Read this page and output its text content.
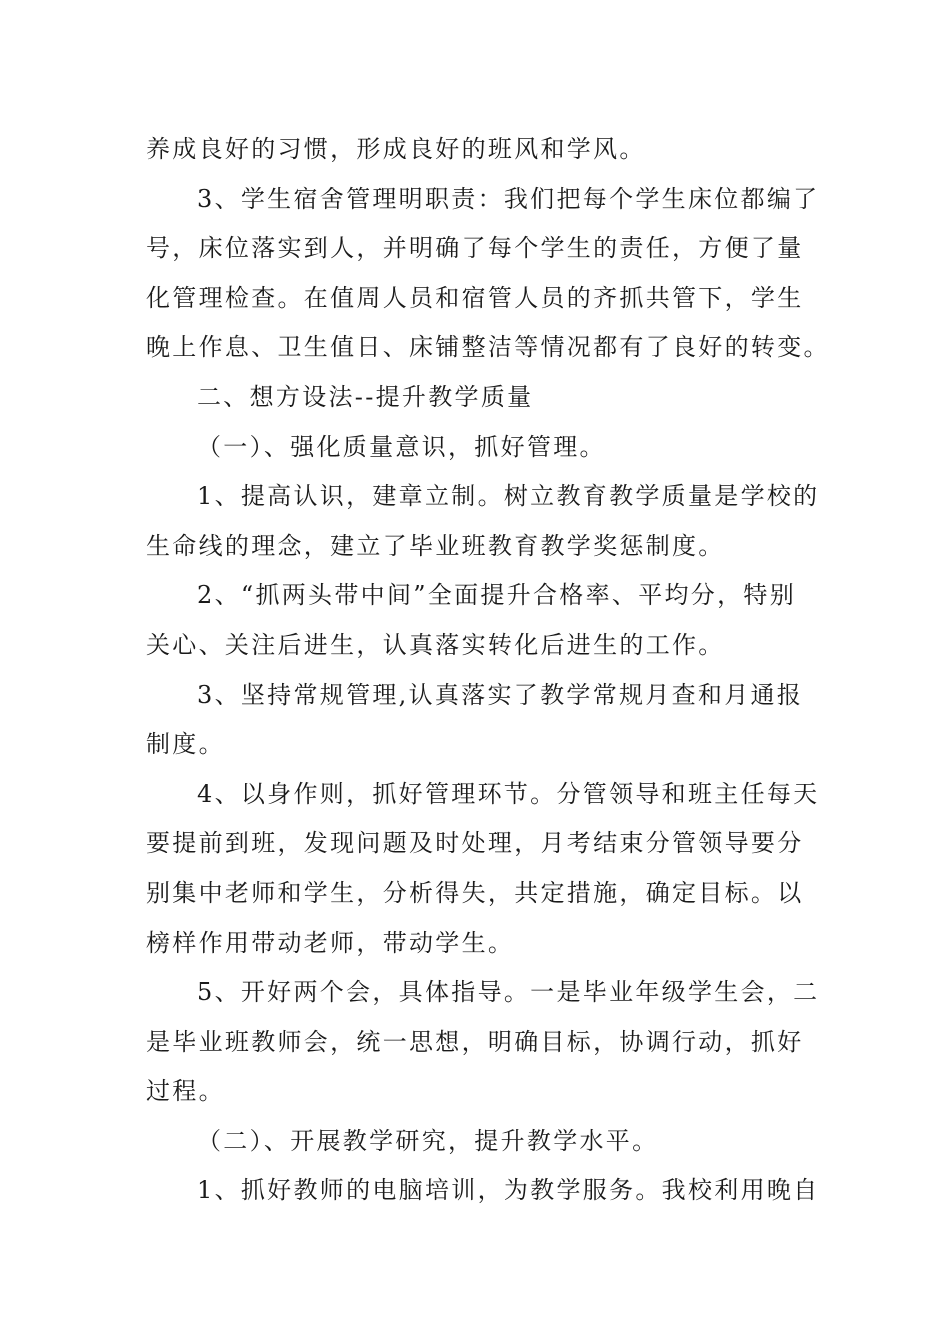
养成良好的习惯，形成良好的班风和学风。
3、学生宿舍管理明职责：我们把每个学生床位都编了
号，床位落实到人，并明确了每个学生的责任，方便了量
化管理检查。在值周人员和宿管人员的齐抓共管下，学生
晚上作息、卫生值日、床铺整洁等情况都有了良好的转变。
二、想方设法--提升教学质量
（一）、强化质量意识，抓好管理。
1、提高认识，建章立制。树立教育教学质量是学校的
生命线的理念，建立了毕业班教育教学奖惩制度。
2、“抓两头带中间”全面提升合格率、平均分，特别
关心、关注后进生，认真落实转化后进生的工作。
3、坚持常规管理,认真落实了教学常规月查和月通报
制度。
4、以身作则，抓好管理环节。分管领导和班主任每天
要提前到班，发现问题及时处理，月考结束分管领导要分
别集中老师和学生，分析得失，共定措施，确定目标。以
榜样作用带动老师，带动学生。
5、开好两个会，具体指导。一是毕业年级学生会，二
是毕业班教师会，统一思想，明确目标，协调行动，抓好
过程。
（二）、开展教学研究，提升教学水平。
1、抓好教师的电脑培训，为教学服务。我校利用晚自
